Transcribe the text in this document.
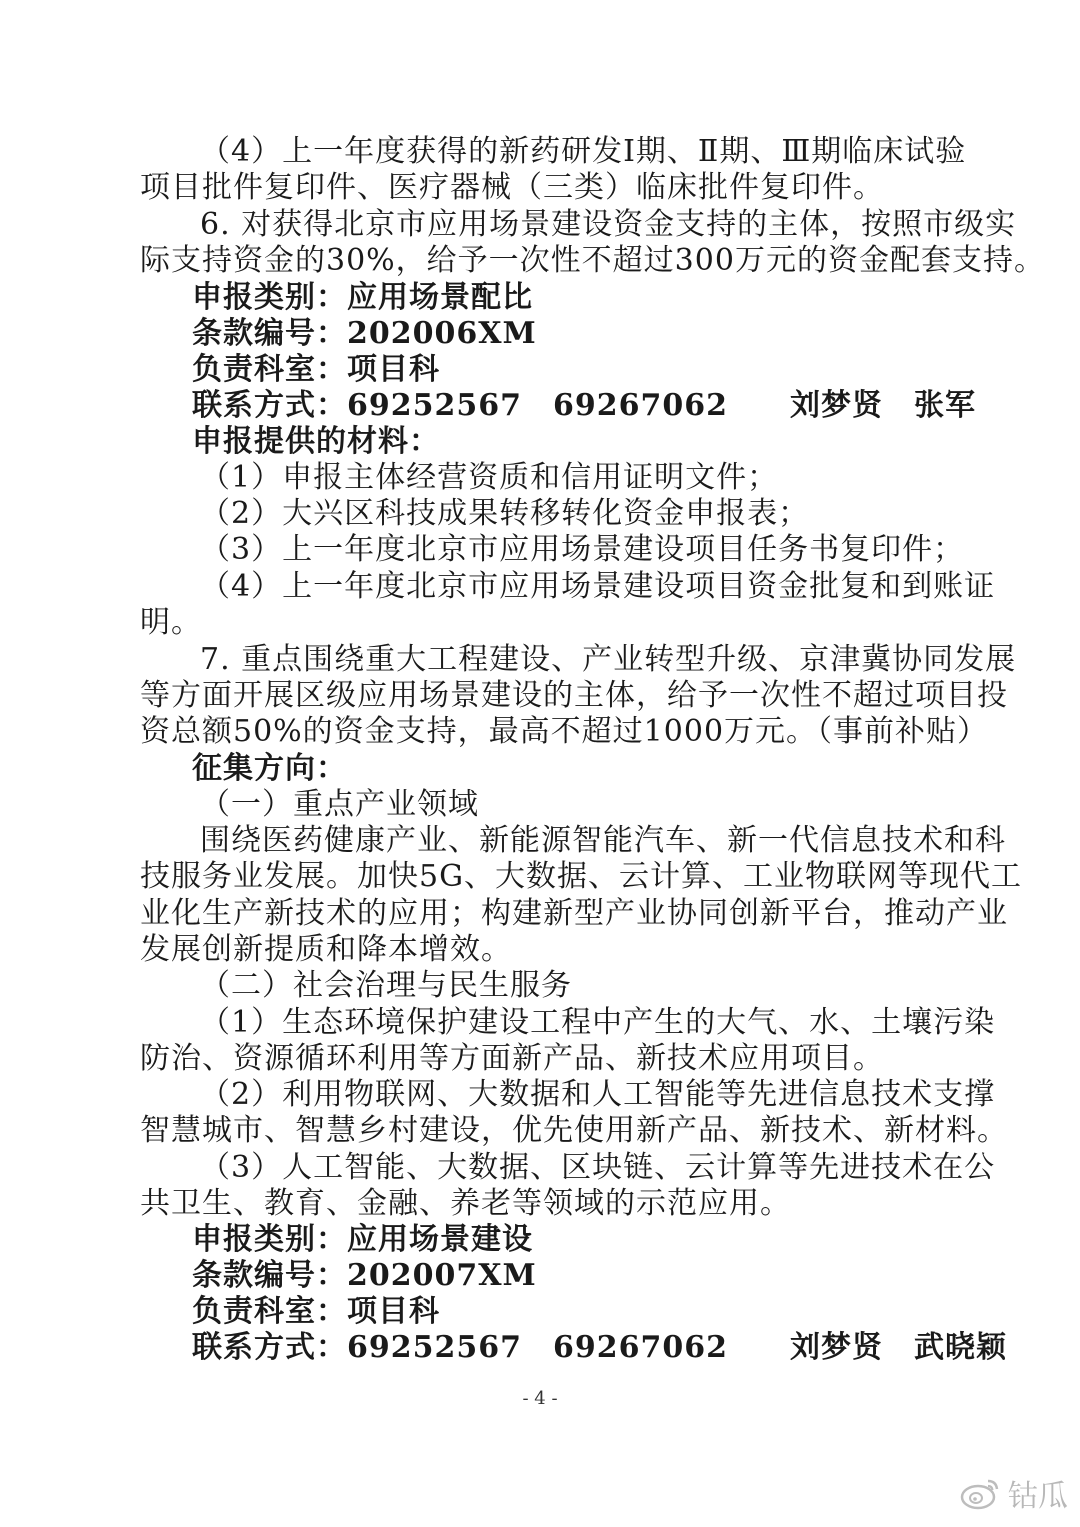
（4）上一年度获得的新药研发Ⅰ期、Ⅱ期、Ⅲ期临床试验
项目批件复印件、医疗器械（三类）临床批件复印件。
6. 对获得北京市应用场景建设资金支持的主体，按照市级实
际支持资金的30%，给予一次性不超过300万元的资金配套支持。
申报类别：应用场景配比
条款编号：202006XM
负责科室：项目科
联系方式：69252567　69267062　　刘梦贤　张军
申报提供的材料：
（1）申报主体经营资质和信用证明文件；
（2）大兴区科技成果转移转化资金申报表；
（3）上一年度北京市应用场景建设项目任务书复印件；
（4）上一年度北京市应用场景建设项目资金批复和到账证
明。
7. 重点围绕重大工程建设、产业转型升级、京津冀协同发展
等方面开展区级应用场景建设的主体，给予一次性不超过项目投
资总额50%的资金支持，最高不超过1000万元。（事前补贴）
征集方向：
（一）重点产业领域
围绕医药健康产业、新能源智能汽车、新一代信息技术和科
技服务业发展。加快5G、大数据、云计算、工业物联网等现代工
业化生产新技术的应用；构建新型产业协同创新平台，推动产业
发展创新提质和降本增效。
（二）社会治理与民生服务
（1）生态环境保护建设工程中产生的大气、水、土壤污染
防治、资源循环利用等方面新产品、新技术应用项目。
（2）利用物联网、大数据和人工智能等先进信息技术支撑
智慧城市、智慧乡村建设，优先使用新产品、新技术、新材料。
（3）人工智能、大数据、区块链、云计算等先进技术在公
共卫生、教育、金融、养老等领域的示范应用。
申报类别：应用场景建设
条款编号：202007XM
负责科室：项目科
联系方式：69252567　69267062　　刘梦贤　武晓颖
- 4 -
钴瓜
